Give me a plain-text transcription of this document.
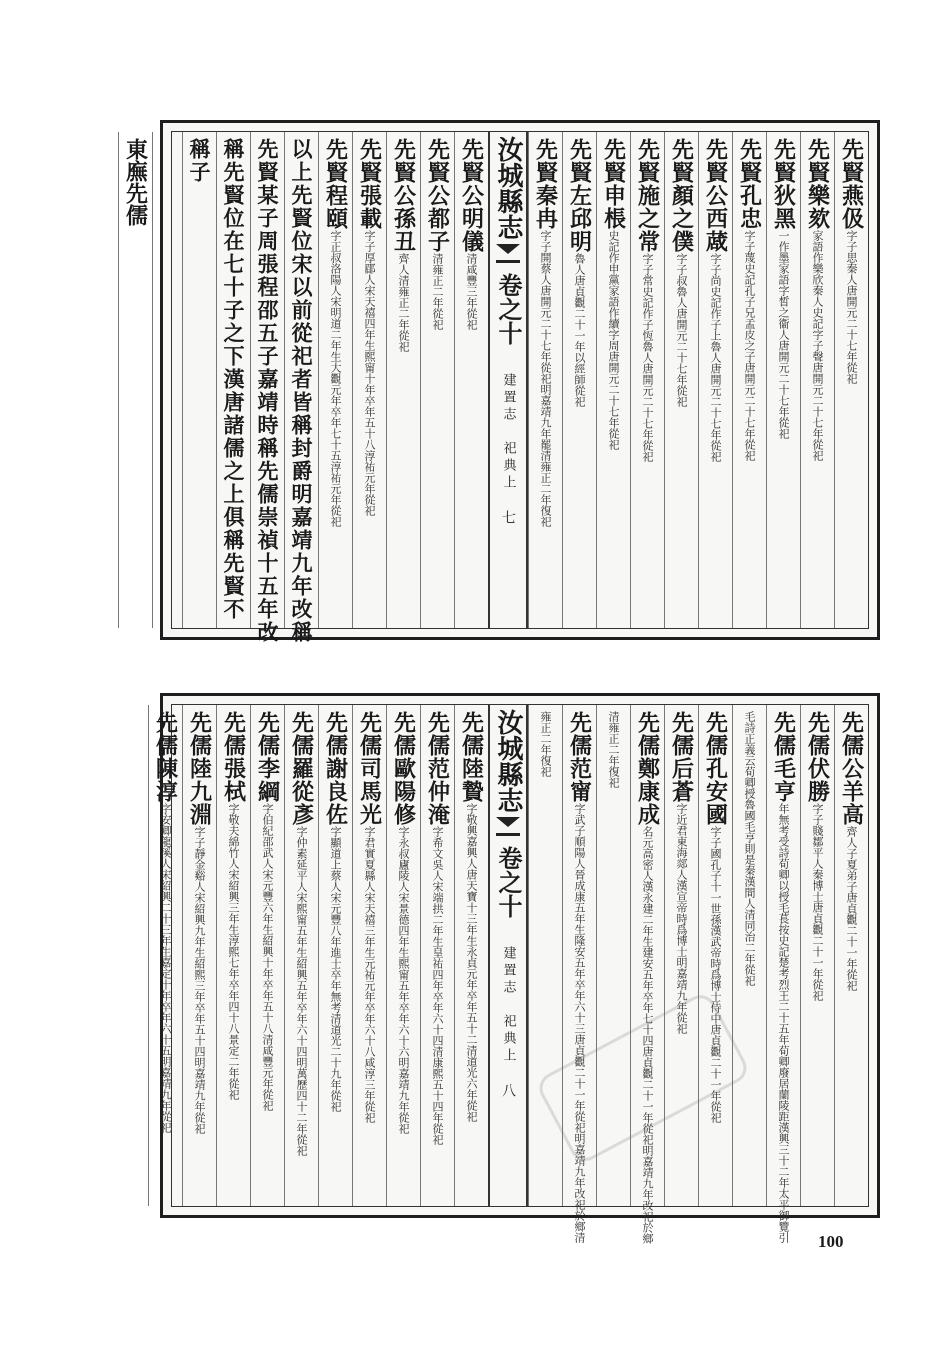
先賢燕伋
字子思秦人唐開元二十七年從祀
先賢樂欬
家語作樂欣秦人史記字子聲唐開元二十七年從祀
先賢狄黑
一作墨家語字皙之衞人唐開元二十七年從祀
先賢孔忠
字子蔑史記孔子兄孟皮之子唐開元二十七年從祀
先賢公西蒧
字子尚史記作子上魯人唐開元二十七年從祀
先賢顏之僕
字子叔魯人唐開元二十七年從祀
先賢施之常
字子常史記作子恆魯人唐開元二十七年從祀
先賢申棖
史記作申黨家語作續字周唐開元二十七年從祀
先賢左邱明
魯人唐貞觀二十一年以經師從祀
先賢秦冉
字子開蔡人唐開元二十七年從祀明嘉靖九年罷清雍正二年復祀
汝城縣志
卷之十
建置志　祀典上
七
先賢公明儀
清咸豐三年從祀
先賢公都子
清雍正二年從祀
先賢公孫丑
齊人清雍正二年從祀
先賢張載
字子厚郿人宋天禧四年生熙甯十年卒年五十八淳祐元年從祀
先賢程頤
字正叔洛陽人宋明道二年生大觀元年卒年七十五淳祐元年從祀
以上先賢位宋以前從祀者皆稱封爵明嘉靖九年改稱
先賢某子周張程邵五子嘉靖時稱先儒崇禎十五年改
稱先賢位在七十子之下漢唐諸儒之上俱稱先賢不
稱子
東廡先儒
先儒公羊高
齊人子夏弟子唐貞觀二十一年從祀
先儒伏勝
字子賤鄒平人秦博士唐貞觀二十一年從祀
先儒毛亨
年無考受詩荀卿以授毛萇按史記楚考烈王二十五年荀卿廢居蘭陵距漢興三十二年太平御覽引
毛詩正義云荀卿授魯國毛亨則是秦漢間人清同治二年從祀
先儒孔安國
字子國孔子十一世孫漢武帝時爲博士侍中唐貞觀二十一年從祀
先儒后蒼
字近君東海郯人漢宣帝時爲博士明嘉靖九年從祀
先儒鄭康成
名元高密人漢永建二年生建安五年卒年七十四唐貞觀二十一年從祀明嘉靖九年改祀於鄉
清雍正二年復祀
先儒范甯
字武子順陽人晉成康五年生隆安五年卒年六十三唐貞觀二十一年從祀明嘉靖九年改祀於鄉清
雍正二年復祀
汝城縣志
卷之十
建置志　祀典上
八
先儒陸贄
字敬興嘉興人唐天寶十三年生永貞元年卒年五十二清道光六年從祀
先儒范仲淹
字希文吳人宋端拱二年生皇祐四年卒年六十四清康熙五十四年從祀
先儒歐陽修
字永叔廬陵人宋景德四年生熙甯五年卒年六十六明嘉靖九年從祀
先儒司馬光
字君實夏縣人宋天禧三年生元祐元年卒年六十八咸淳三年從祀
先儒謝良佐
字顯道上蔡人宋元豐八年進士卒年無考清道光二十九年從祀
先儒羅從彥
字仲素延平人宋熙甯五年生紹興五年卒年六十四明萬歷四十二年從祀
先儒李綱
字伯紀邵武人宋元豐六年生紹興十年卒年五十八清咸豐元年從祀
先儒張栻
字敬夫綿竹人宋紹興三年生淳熙七年卒年四十八景定二年從祀
先儒陸九淵
字子靜金谿人宋紹興九年生紹熙三年卒年五十四明嘉靖九年從祀
先儒陳淳
字安卿龍溪人宋紹興二十三年生嘉定十年卒年六十五明嘉靖九年從祀
100
